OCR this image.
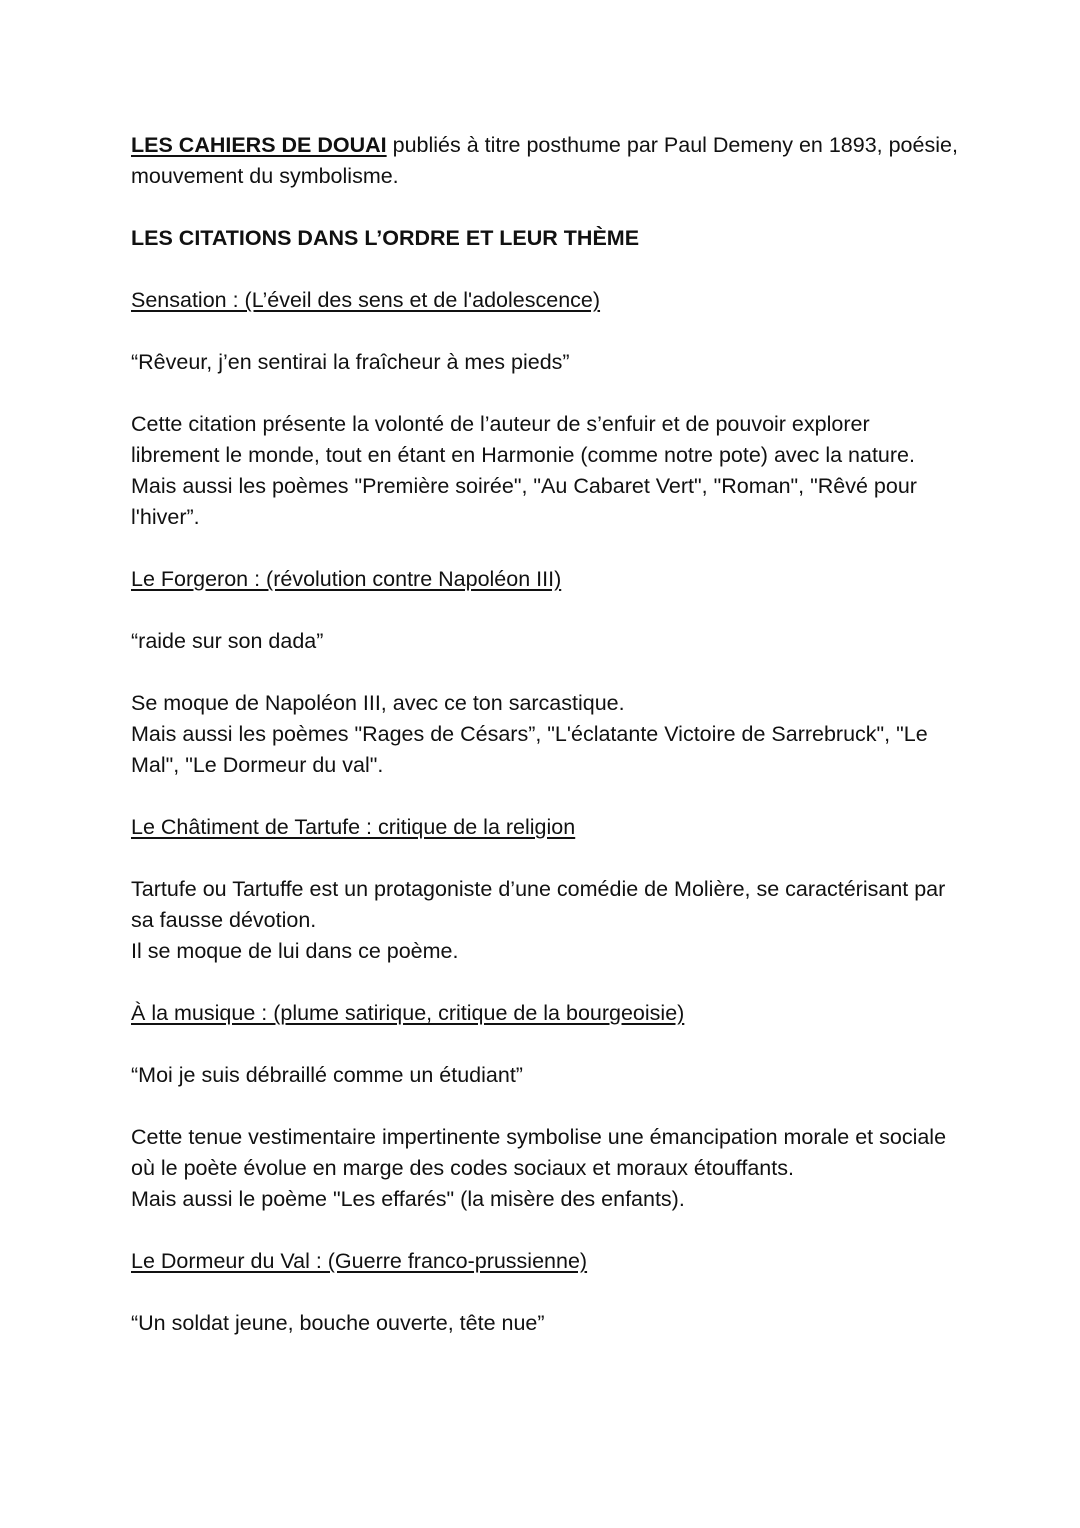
LES CAHIERS DE DOUAI publiés à titre posthume par Paul Demeny en 1893, poésie, mouvement du symbolisme.

LES CITATIONS DANS L’ORDRE ET LEUR THÈME

Sensation : (L’éveil des sens et de l'adolescence)

“Rêveur, j’en sentirai la fraîcheur à mes pieds”

Cette citation présente la volonté de l’auteur de s’enfuir et de pouvoir explorer librement le monde, tout en étant en Harmonie (comme notre pote) avec la nature.
Mais aussi les poèmes "Première soirée", "Au Cabaret Vert", "Roman", "Rêvé pour l'hiver”.

Le Forgeron : (révolution contre Napoléon III)

“raide sur son dada”

Se moque de Napoléon III, avec ce ton sarcastique.
Mais aussi les poèmes "Rages de Césars”, "L'éclatante Victoire de Sarrebruck", "Le Mal", "Le Dormeur du val".

Le Châtiment de Tartufe : critique de la religion

Tartufe ou Tartuffe est un protagoniste d’une comédie de Molière, se caractérisant par sa fausse dévotion.
Il se moque de lui dans ce poème.

À la musique : (plume satirique, critique de la bourgeoisie)

“Moi je suis débraillé comme un étudiant”

Cette tenue vestimentaire impertinente symbolise une émancipation morale et sociale où le poète évolue en marge des codes sociaux et moraux étouffants.
Mais aussi le poème "Les effarés" (la misère des enfants).

Le Dormeur du Val : (Guerre franco-prussienne)

“Un soldat jeune, bouche ouverte, tête nue”
